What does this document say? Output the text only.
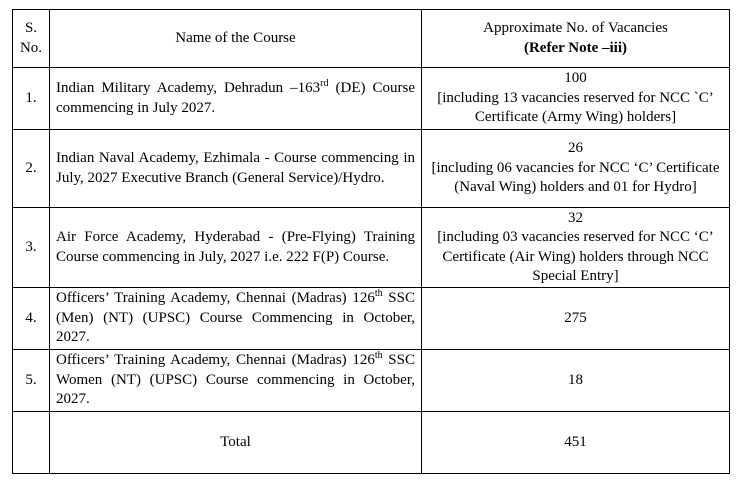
S. No.	Name of the Course	Approximate No. of Vacancies
(Refer Note –iii)

1.	Indian Military Academy, Dehradun –163rd (DE) Course commencing in July 2027.	100
[including 13 vacancies reserved for NCC `C’ Certificate (Army Wing) holders]

2.	Indian Naval Academy, Ezhimala - Course commencing in July, 2027 Executive Branch (General Service)/Hydro.	26
[including 06 vacancies for NCC ‘C’ Certificate (Naval Wing) holders and 01 for Hydro]

3.	Air Force Academy, Hyderabad - (Pre-Flying) Training Course commencing in July, 2027 i.e. 222 F(P) Course.	32
[including 03 vacancies reserved for NCC ‘C’ Certificate (Air Wing) holders through NCC Special Entry]

4.	Officers’ Training Academy, Chennai (Madras) 126th SSC (Men) (NT) (UPSC) Course Commencing in October, 2027.	275

5.	Officers’ Training Academy, Chennai (Madras) 126th SSC Women (NT) (UPSC) Course commencing in October, 2027.	18

	Total	451
